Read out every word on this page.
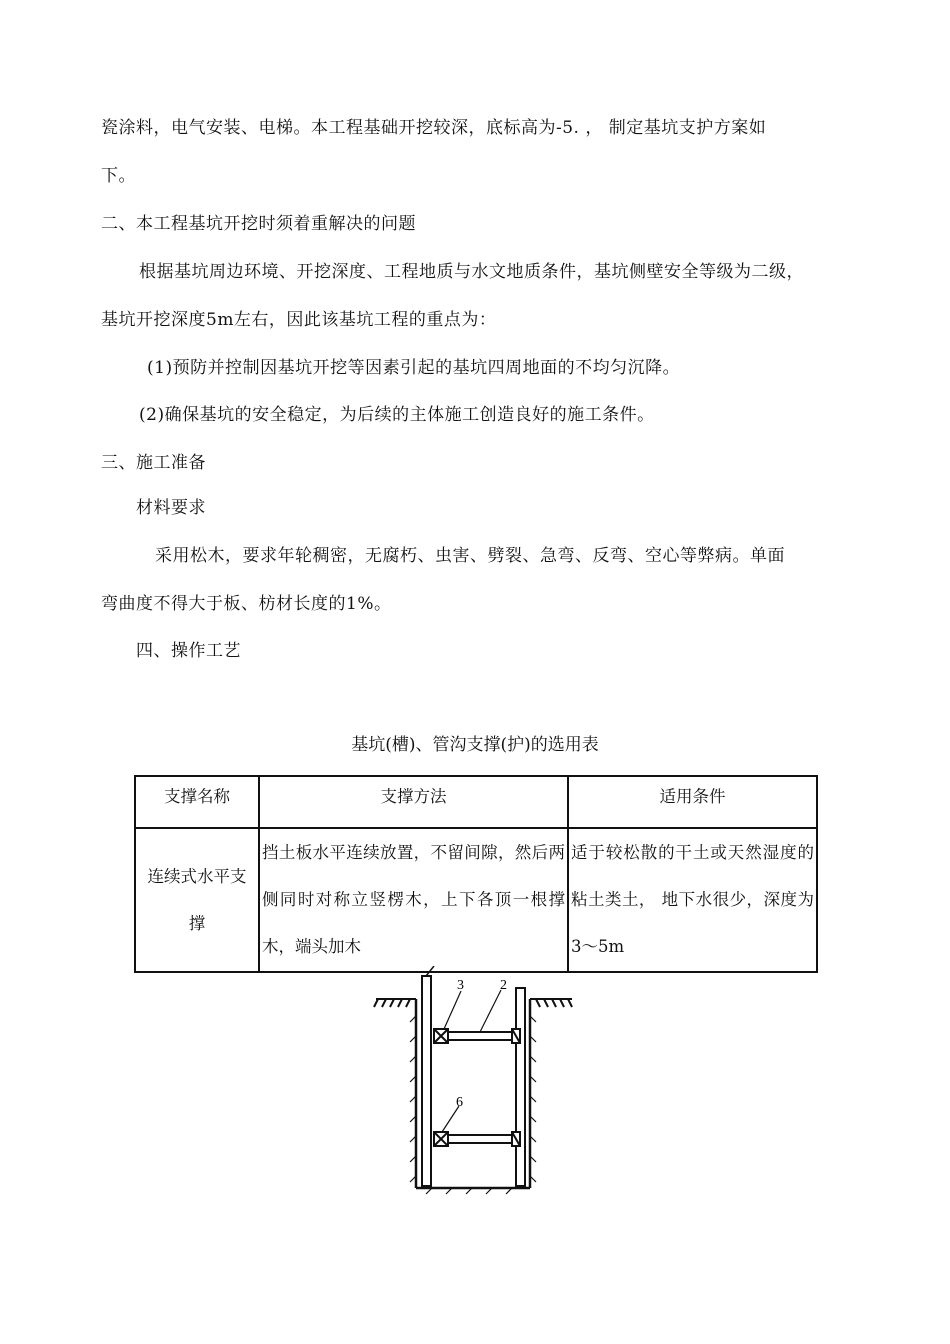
瓷涂料，电气安装、电梯。本工程基础开挖较深，底标高为-5. ， 制定基坑支护方案如
下。
二、本工程基坑开挖时须着重解决的问题
根据基坑周边环境、开挖深度、工程地质与水文地质条件，基坑侧壁安全等级为二级，
基坑开挖深度5m左右，因此该基坑工程的重点为：
(1)预防并控制因基坑开挖等因素引起的基坑四周地面的不均匀沉降。
(2)确保基坑的安全稳定，为后续的主体施工创造良好的施工条件。
三、施工准备
材料要求
采用松木，要求年轮稠密，无腐朽、虫害、劈裂、急弯、反弯、空心等弊病。单面
弯曲度不得大于板、枋材长度的1%。
四、操作工艺
基坑(槽)、管沟支撑(护)的选用表
支撑名称	支撑方法	适用条件
连续式水平支撑	挡土板水平连续放置，不留间隙，然后两侧同时对称立竖楞木，上下各顶一根撑木，端头加木	适于较松散的干土或天然湿度的粘土类土， 地下水很少，深度为3～5m
3	2
6
